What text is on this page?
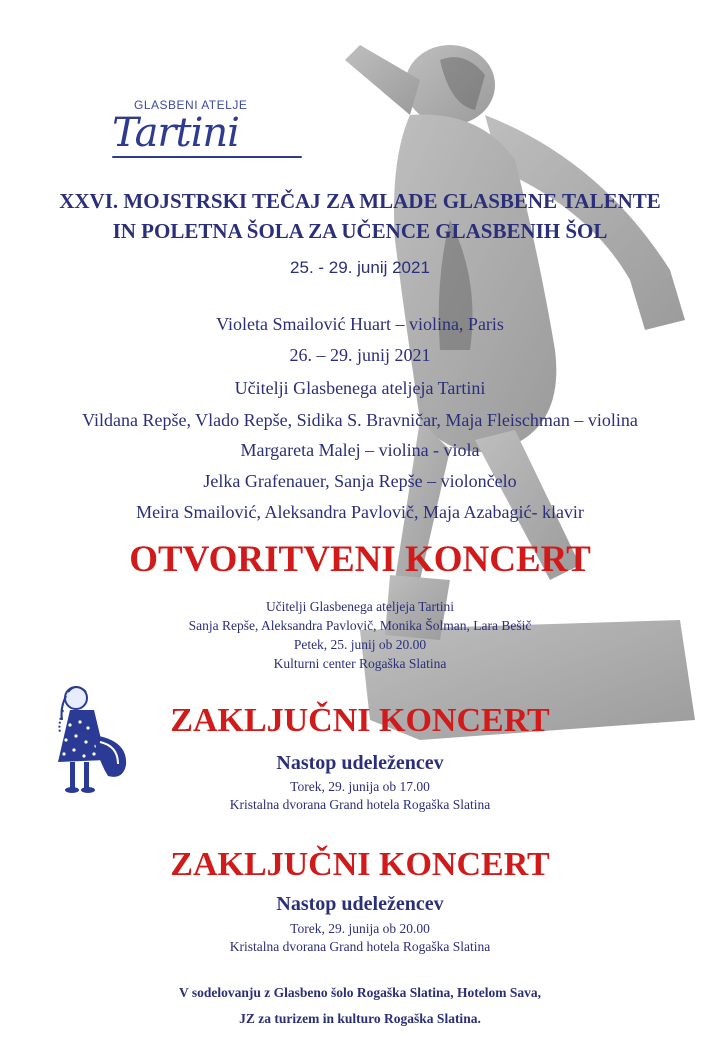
GLASBENI ATELJE
Tartini
XXVI. MOJSTRSKI TEČAJ ZA MLADE GLASBENE TALENTE
IN POLETNA ŠOLA ZA UČENCE GLASBENIH ŠOL
25. - 29. junij 2021
Violeta Smailović Huart – violina, Paris
26. – 29. junij 2021
Učitelji Glasbenega ateljeja Tartini
Vildana Repše, Vlado Repše, Sidika S. Bravničar, Maja Fleischman – violina
Margareta Malej – violina - viola
Jelka Grafenauer, Sanja Repše – violončelo
Meira Smailović, Aleksandra Pavlovič, Maja Azabagić- klavir
OTVORITVENI KONCERT
Učitelji Glasbenega ateljeja Tartini
Sanja Repše, Aleksandra Pavlovič, Monika Šolman, Lara Bešič
Petek, 25. junij ob 20.00
Kulturni center Rogaška Slatina
ZAKLJUČNI KONCERT
Nastop udeležencev
Torek, 29. junija ob 17.00
Kristalna dvorana Grand hotela Rogaška Slatina
ZAKLJUČNI KONCERT
Nastop udeležencev
Torek, 29. junija ob 20.00
Kristalna dvorana Grand hotela Rogaška Slatina
V sodelovanju z Glasbeno šolo Rogaška Slatina, Hotelom Sava,
JZ za turizem in kulturo Rogaška Slatina.
